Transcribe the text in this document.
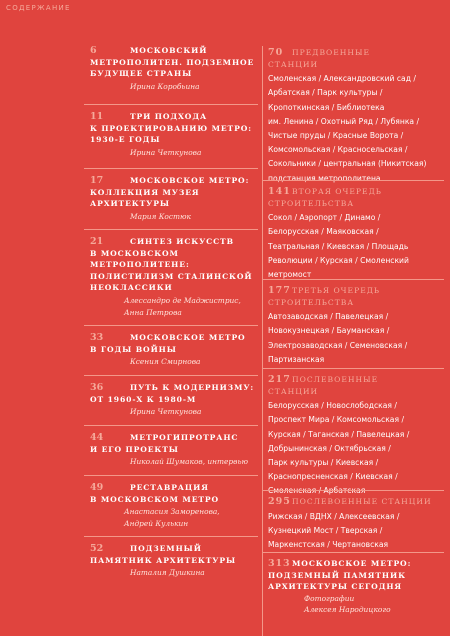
СОДЕРЖАНИЕ
6	МОСКОВСКИЙ
МЕТРОПОЛИТЕН. ПОДЗЕМНОЕ
БУДУЩЕЕ СТРАНЫ
Ирина Коробьина
11	ТРИ ПОДХОДА
К ПРОЕКТИРОВАНИЮ МЕТРО:
1930-Е ГОДЫ
Ирина Четкунова
17	МОСКОВСКОЕ МЕТРО:
КОЛЛЕКЦИЯ МУЗЕЯ
АРХИТЕКТУРЫ
Мария Костюк
21	СИНТЕЗ ИСКУССТВ
В МОСКОВСКОМ
МЕТРОПОЛИТЕНЕ:
ПОЛИСТИЛИЗМ СТАЛИНСКОЙ
НЕОКЛАССИКИ
Алессандро де Маджистрис,
Анна Петрова
33	МОСКОВСКОЕ МЕТРО
В ГОДЫ ВОЙНЫ
Ксения Смирнова
36	ПУТЬ К МОДЕРНИЗМУ:
ОТ 1960-Х К 1980-М
Ирина Четкунова
44	МЕТРОГИПРОТРАНС
И ЕГО ПРОЕКТЫ
Николай Шумаков, интервью
49	РЕСТАВРАЦИЯ
В МОСКОВСКОМ МЕТРО
Анастасия Заморенова,
Андрей Кулькин
52	ПОДЗЕМНЫЙ
ПАМЯТНИК АРХИТЕКТУРЫ
Наталия Душкина
70 ПРЕДВОЕННЫЕ
СТАНЦИИ
Смоленская / Александровский сад /
Арбатская / Парк культуры /
Кропоткинская / Библиотека
им. Ленина / Охотный Ряд / Лубянка /
Чистые пруды / Красные Ворота /
Комсомольская / Красносельская /
Сокольники / центральная (Никитская)
подстанция метрополитена
141ВТОРАЯ ОЧЕРЕДЬ
СТРОИТЕЛЬСТВА
Сокол / Аэропорт / Динамо /
Белорусская / Маяковская /
Театральная / Киевская / Площадь
Революции / Курская / Смоленский
метромост
177ТРЕТЬЯ ОЧЕРЕДЬ
СТРОИТЕЛЬСТВА
Автозаводская / Павелецкая /
Новокузнецкая / Бауманская /
Электрозаводская / Семеновская /
Партизанская
217ПОСЛЕВОЕННЫЕ
СТАНЦИИ
Белорусская / Новослободская /
Проспект Мира / Комсомольская /
Курская / Таганская / Павелецкая /
Добрынинская / Октябрьская /
Парк культуры / Киевская /
Краснопресненская / Киевская /
Смоленская / Арбатская
295ПОСЛЕВОЕННЫЕ СТАНЦИИ
Рижская / ВДНХ / Алексеевская /
Кузнецкий Мост / Тверская /
Маркенстская / Чертановская
313МОСКОВСКОЕ МЕТРО:
ПОДЗЕМНЫЙ ПАМЯТНИК
АРХИТЕКТУРЫ СЕГОДНЯ
Фотографии
Алексея Народицкого
